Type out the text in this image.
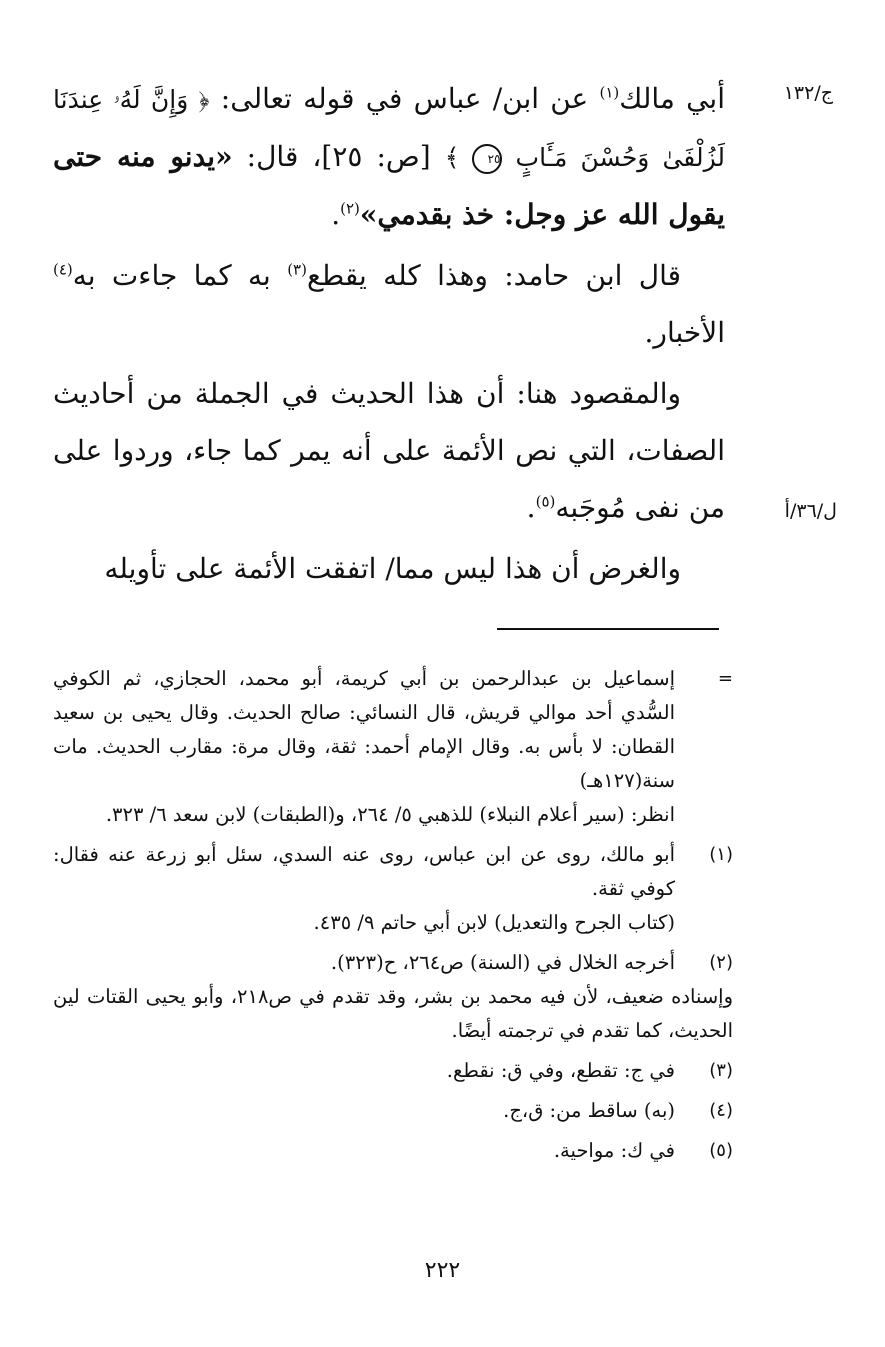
ج/١٣٢
ل/٣٦/أ

أبي مالك$^{(١)}$ عن ابن/ عباس في قوله تعالى: ﴿ وَإِنَّ لَهُۥ عِندَنَا لَزُلْفَىٰ وَحُسْنَ مَـَٔابٍ ٢٥ ﴾ [ص: ٢٥]، قال: «يدنو منه حتى يقول الله عز وجل: خذ بقدمي»$^{(٢)}$.

قال ابن حامد: وهذا كله يقطع$^{(٣)}$ به كما جاءت به$^{(٤)}$ الأخبار.

والمقصود هنا: أن هذا الحديث في الجملة من أحاديث الصفات، التي نص الأئمة على أنه يمر كما جاء، وردوا على من نفى مُوجَبه$^{(٥)}$.

والغرض أن هذا ليس مما/ اتفقت الأئمة على تأويله

=
إسماعيل بن عبدالرحمن بن أبي كريمة، أبو محمد، الحجازي، ثم الكوفي السُّدي أحد موالي قريش، قال النسائي: صالح الحديث. وقال يحيى بن سعيد القطان: لا بأس به. وقال الإمام أحمد: ثقة، وقال مرة: مقارب الحديث. مات سنة(١٢٧هـ)
انظر: (سير أعلام النبلاء) للذهبي ٥/ ٢٦٤، و(الطبقات) لابن سعد ٦/ ٣٢٣.
(١)
أبو مالك، روى عن ابن عباس، روى عنه السدي، سئل أبو زرعة عنه فقال: كوفي ثقة.
(كتاب الجرح والتعديل) لابن أبي حاتم ٩/ ٤٣٥.
(٢)
أخرجه الخلال في (السنة) ص٢٦٤، ح(٣٢٣).
وإسناده ضعيف، لأن فيه محمد بن بشر، وقد تقدم في ص٢١٨، وأبو يحيى القتات لين الحديث، كما تقدم في ترجمته أيضًا.
(٣)
في ج: تقطع، وفي ق: نقطع.
(٤)
(به) ساقط من: ق،ج.
(٥)
في ك: مواحية.
٢٢٢
